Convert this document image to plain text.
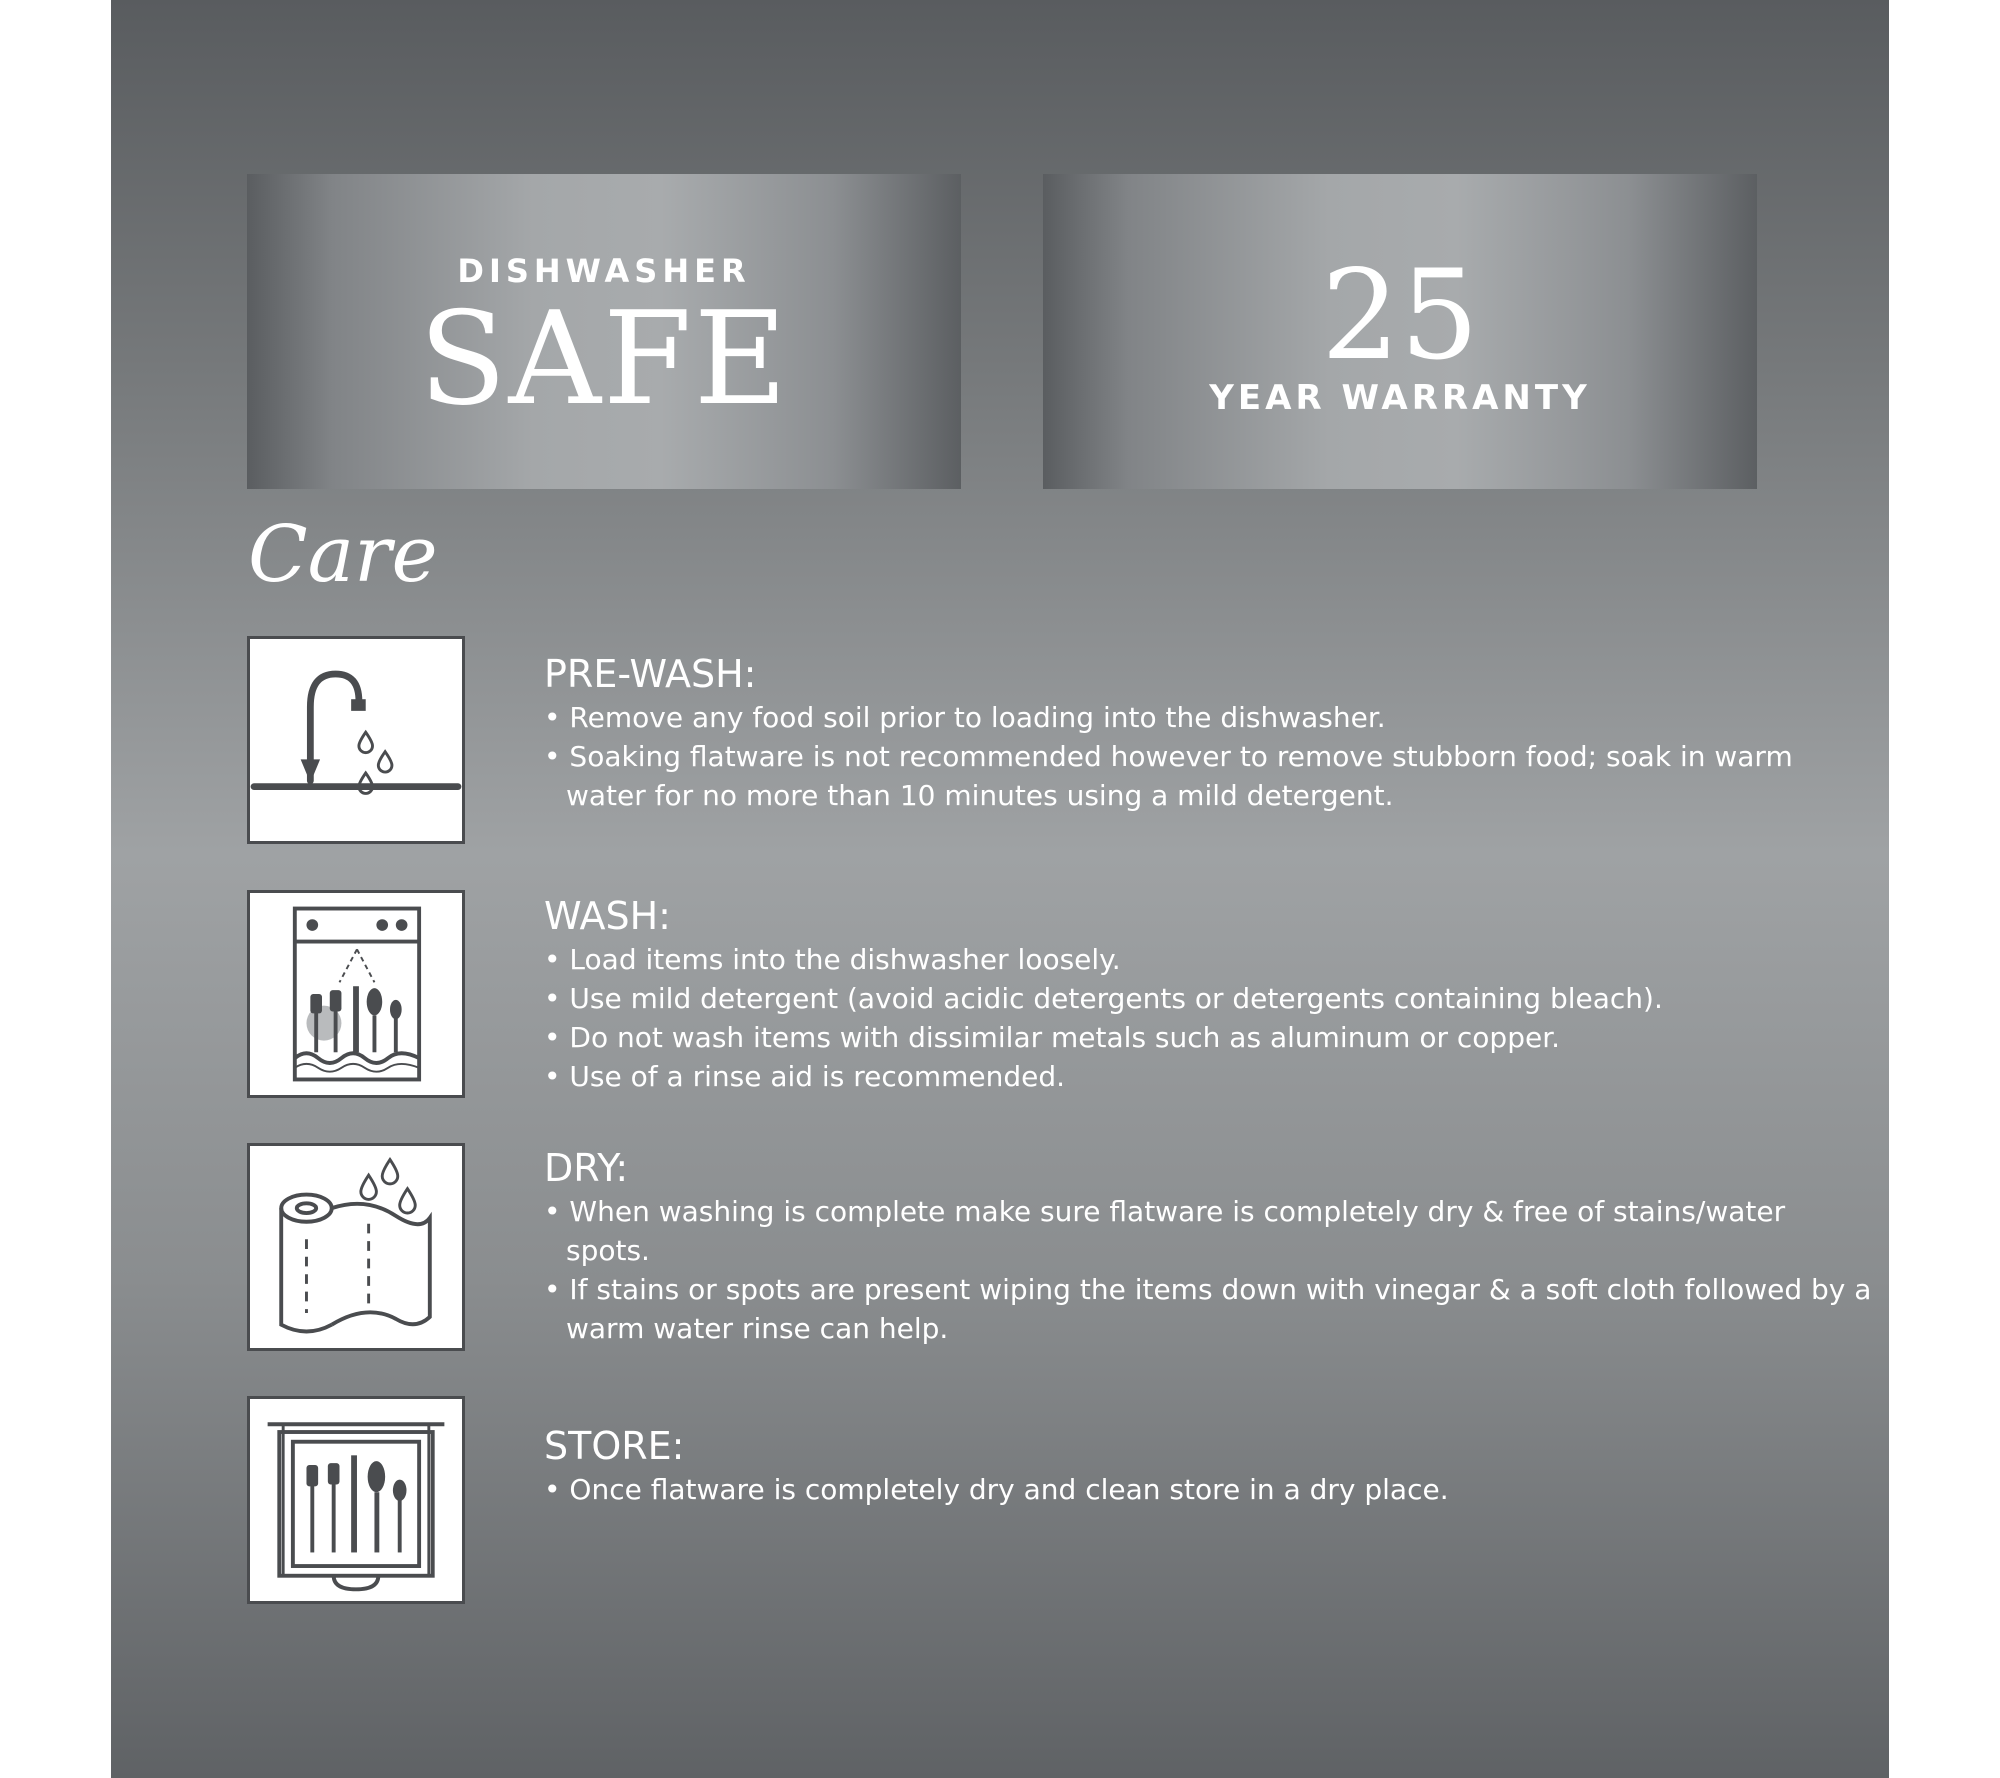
DISHWASHER
SAFE	25
YEAR WARRANTY
Care
PRE-WASH:
• Remove any food soil prior to loading into the dishwasher.
• Soaking flatware is not recommended however to remove stubborn food; soak in warm water for no more than 10 minutes using a mild detergent.
WASH:
• Load items into the dishwasher loosely.
• Use mild detergent (avoid acidic detergents or detergents containing bleach).
• Do not wash items with dissimilar metals such as aluminum or copper.
• Use of a rinse aid is recommended.
DRY:
• When washing is complete make sure flatware is completely dry & free of stains/water spots.
• If stains or spots are present wiping the items down with vinegar & a soft cloth followed by a warm water rinse can help.
STORE:
• Once flatware is completely dry and clean store in a dry place.
